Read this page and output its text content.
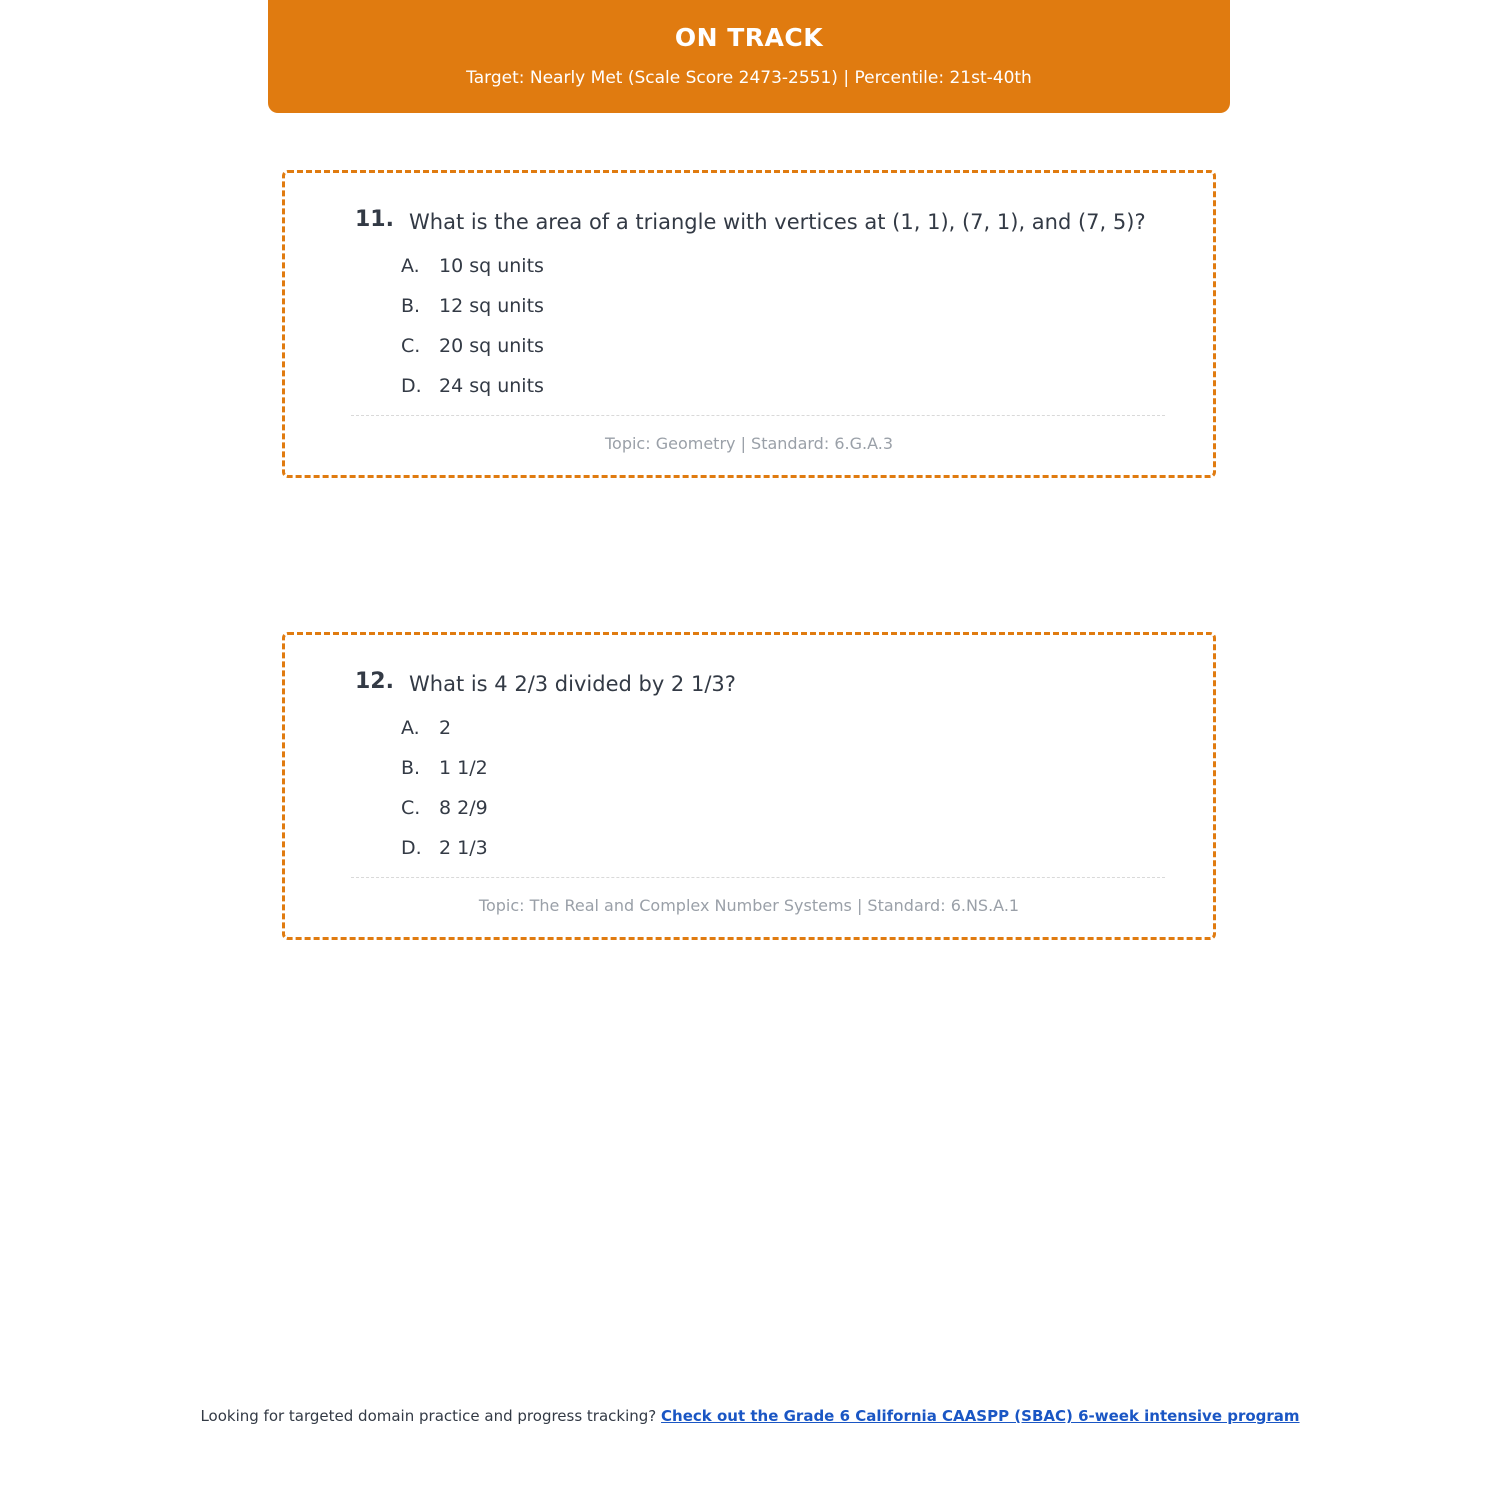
ON TRACK
Target: Nearly Met (Scale Score 2473-2551) | Percentile: 21st-40th
11. What is the area of a triangle with vertices at (1, 1), (7, 1), and (7, 5)?
A.	10 sq units
B. 12 sq units
C. 20 sq units
D. 24 sq units
Topic: Geometry | Standard: 6.G.A.3
12. What is 4 2/3 divided by 2 1/3?
A.	2
B. 1 1/2
C. 8 2/9
D. 2 1/3
Topic: The Real and Complex Number Systems | Standard: 6.NS.A.1
Looking for targeted domain practice and progress tracking? Check out the Grade 6 California CAASPP (SBAC) 6-week intensive program
